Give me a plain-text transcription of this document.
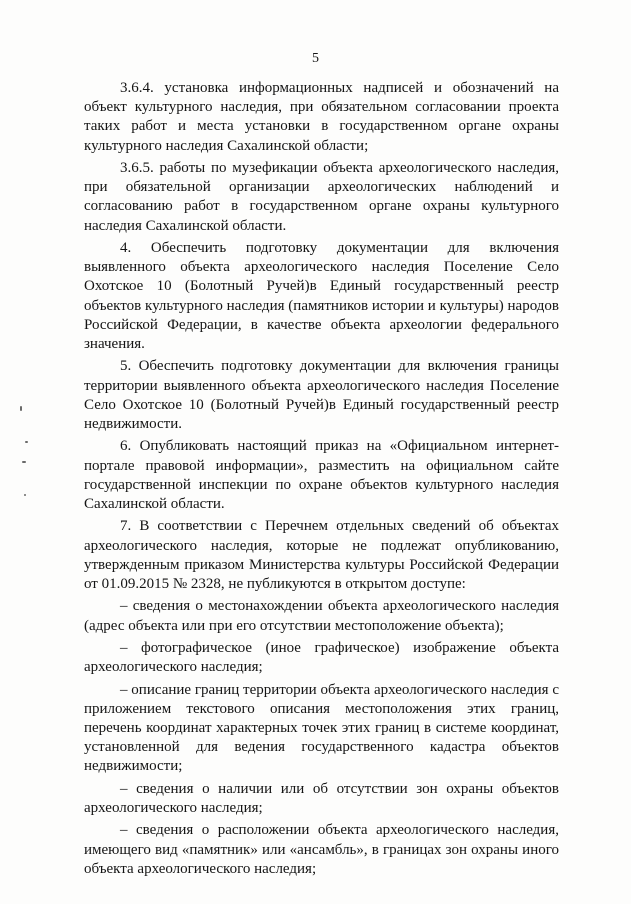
5

3.6.4. установка информационных надписей и обозначений на объект культурного наследия, при обязательном согласовании проекта таких работ и места установки в государственном органе охраны культурного наследия Сахалинской области;

3.6.5. работы по музефикации объекта археологического наследия, при обязательной организации археологических наблюдений и согласованию работ в государственном органе охраны культурного наследия Сахалинской области.

4. Обеспечить подготовку документации для включения выявленного объекта археологического наследия Поселение Село Охотское 10 (Болотный Ручей)в Единый государственный реестр объектов культурного наследия (памятников истории и культуры) народов Российской Федерации, в качестве объекта археологии федерального значения.

5. Обеспечить подготовку документации для включения границы территории выявленного объекта археологического наследия Поселение Село Охотское 10 (Болотный Ручей)в Единый государственный реестр недвижимости.

6. Опубликовать настоящий приказ на «Официальном интернет-портале правовой информации», разместить на официальном сайте государственной инспекции по охране объектов культурного наследия Сахалинской области.

7. В соответствии с Перечнем отдельных сведений об объектах археологического наследия, которые не подлежат опубликованию, утвержденным приказом Министерства культуры Российской Федерации от 01.09.2015 № 2328, не публикуются в открытом доступе:

– сведения о местонахождении объекта археологического наследия (адрес объекта или при его отсутствии местоположение объекта);

– фотографическое (иное графическое) изображение объекта археологического наследия;

– описание границ территории объекта археологического наследия с приложением текстового описания местоположения этих границ, перечень координат характерных точек этих границ в системе координат, установленной для ведения государственного кадастра объектов недвижимости;

– сведения о наличии или об отсутствии зон охраны объектов археологического наследия;

– сведения о расположении объекта археологического наследия, имеющего вид «памятник» или «ансамбль», в границах зон охраны иного объекта археологического наследия;
